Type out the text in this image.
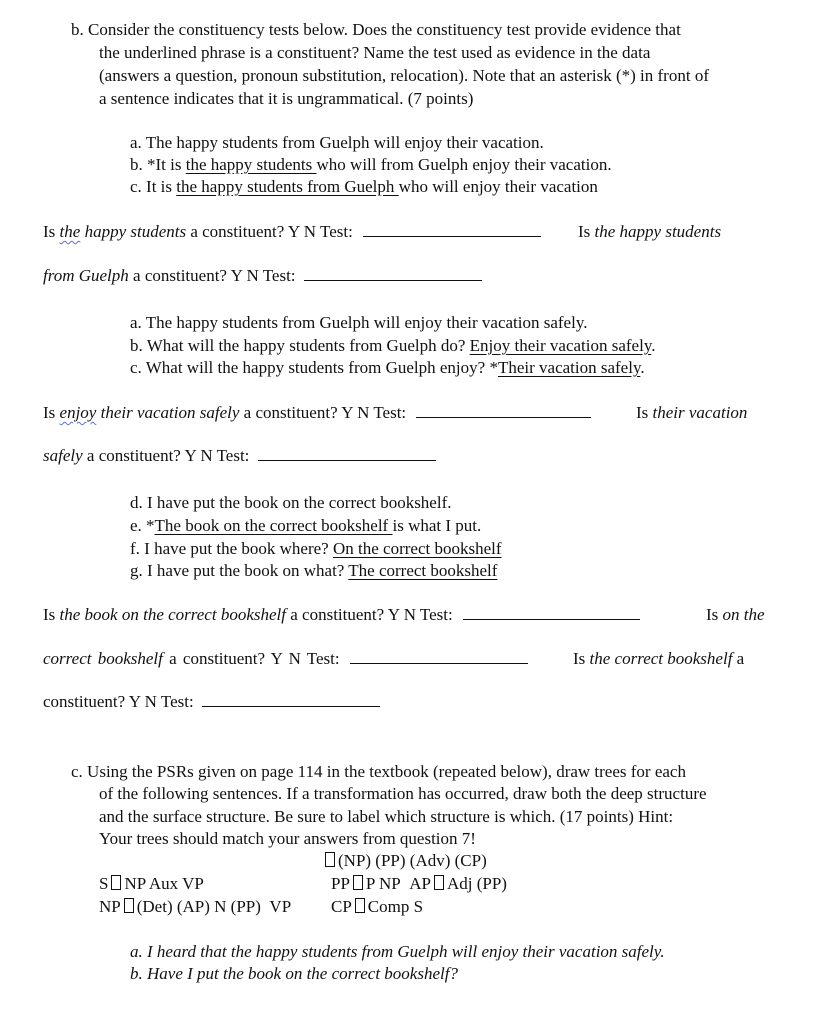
b. Consider the constituency tests below. Does the constituency test provide evidence that
the underlined phrase is a constituent? Name the test used as evidence in the data
(answers a question, pronoun substitution, relocation). Note that an asterisk (*) in front of
a sentence indicates that it is ungrammatical. (7 points)
a. The happy students from Guelph will enjoy their vacation.
b. *It is the happy students who will from Guelph enjoy their vacation.
c. It is the happy students from Guelph who will enjoy their vacation
Is the happy students a constituent? Y N Test:	Is the happy students
from Guelph a constituent? Y N Test:
a. The happy students from Guelph will enjoy their vacation safely.
b. What will the happy students from Guelph do? Enjoy their vacation safely.
c. What will the happy students from Guelph enjoy? *Their vacation safely.
Is enjoy their vacation safely a constituent? Y N Test:	Is their vacation
safely a constituent? Y N Test:
d. I have put the book on the correct bookshelf.
e. *The book on the correct bookshelf is what I put.
f. I have put the book where? On the correct bookshelf
g. I have put the book on what? The correct bookshelf
Is the book on the correct bookshelf a constituent? Y N Test:	Is on the
correct bookshelf a constituent? Y N Test:	Is the correct bookshelf a
constituent? Y N Test:
c. Using the PSRs given on page 114 in the textbook (repeated below), draw trees for each
of the following sentences. If a transformation has occurred, draw both the deep structure
and the surface structure. Be sure to label which structure is which. (17 points) Hint:
Your trees should match your answers from question 7!
(NP) (PP) (Adv) (CP)
S NP Aux VP	PP P NP AP Adj (PP)
NP (Det) (AP) N (PP) VP CP Comp S
a. I heard that the happy students from Guelph will enjoy their vacation safely.
b. Have I put the book on the correct bookshelf?
